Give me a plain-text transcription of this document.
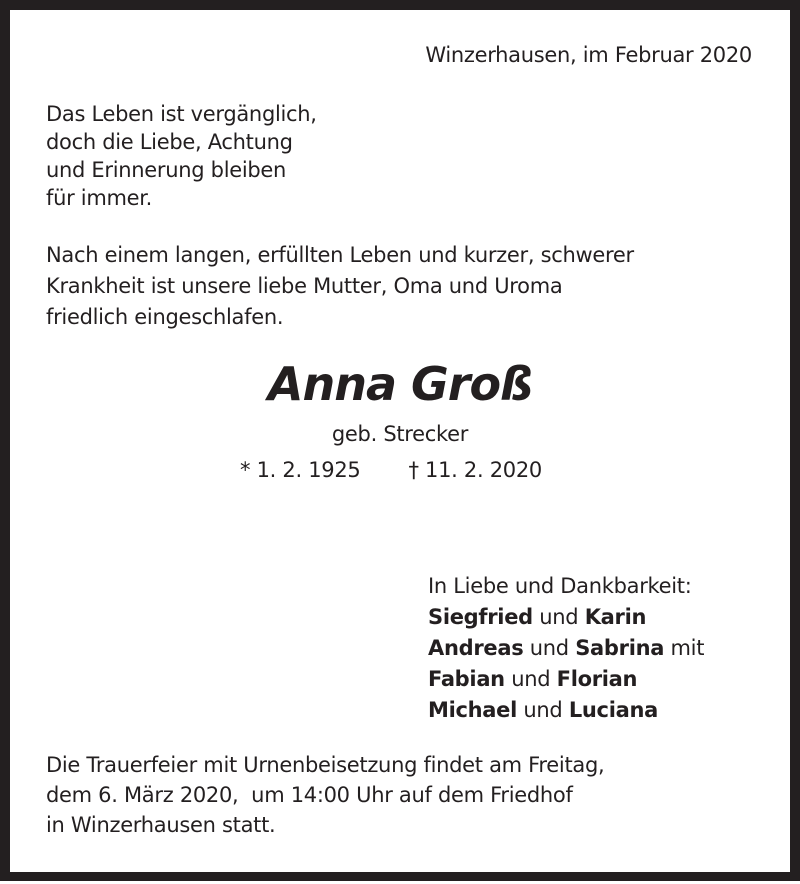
Winzerhausen, im Februar 2020
Das Leben ist vergänglich,
doch die Liebe, Achtung
und Erinnerung bleiben
für immer.
Nach einem langen, erfüllten Leben und kurzer, schwerer
Krankheit ist unsere liebe Mutter, Oma und Uroma
friedlich eingeschlafen.
Anna Groß
geb. Strecker
* 1. 2. 1925 † 11. 2. 2020
In Liebe und Dankbarkeit:
Siegfried und Karin
Andreas und Sabrina mit
Fabian und Florian
Michael und Luciana
Die Trauerfeier mit Urnenbeisetzung findet am Freitag,
dem 6. März 2020,  um 14:00 Uhr auf dem Friedhof
in Winzerhausen statt.
